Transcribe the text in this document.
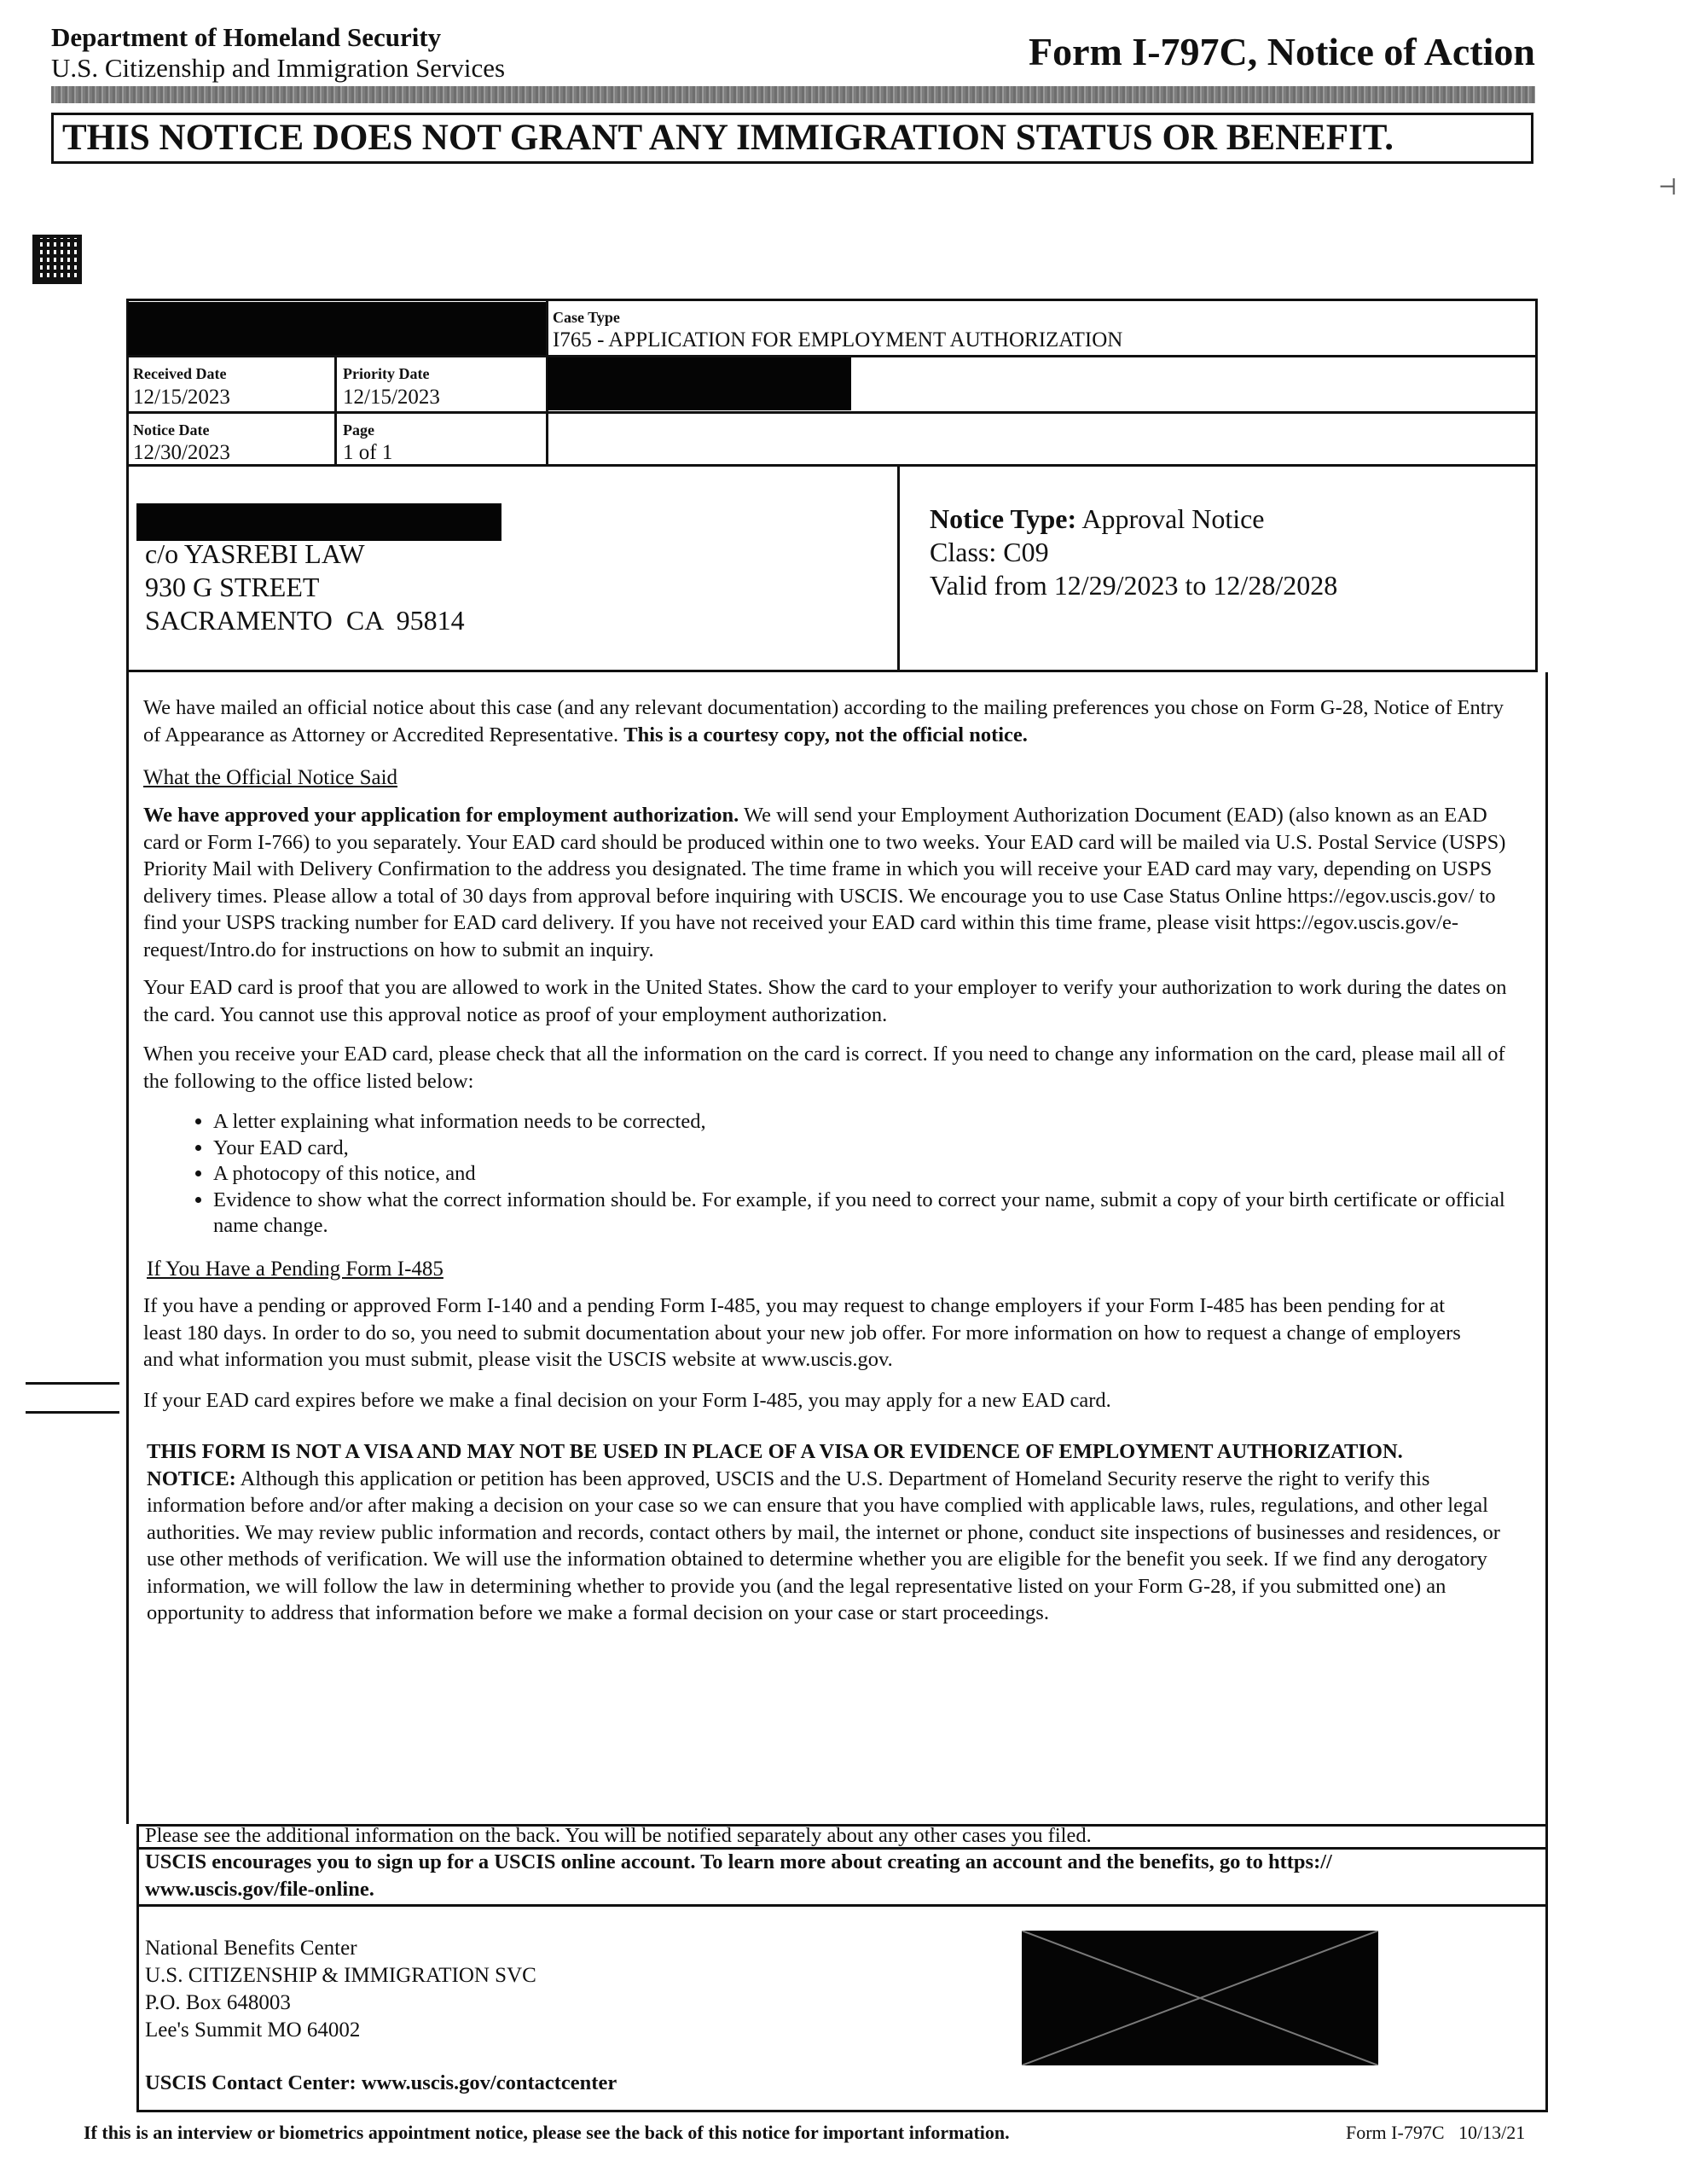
Department of Homeland Security
U.S. Citizenship and Immigration Services	Form I-797C, Notice of Action
THIS NOTICE DOES NOT GRANT ANY IMMIGRATION STATUS OR BENEFIT.
⊣
Case Type
I765 - APPLICATION FOR EMPLOYMENT AUTHORIZATION
Received Date
12/15/2023
Priority Date
12/15/2023
Notice Date
12/30/2023
Page
1 of 1
c/o YASREBI LAW
930 G STREET
SACRAMENTO  CA  95814
Notice Type: Approval Notice
Class: C09
Valid from 12/29/2023 to 12/28/2028
We have mailed an official notice about this case (and any relevant documentation) according to the mailing preferences you chose on Form G-28, Notice of Entry of Appearance as Attorney or Accredited Representative. This is a courtesy copy, not the official notice.
What the Official Notice Said
We have approved your application for employment authorization. We will send your Employment Authorization Document (EAD) (also known as an EAD card or Form I-766) to you separately. Your EAD card should be produced within one to two weeks. Your EAD card will be mailed via U.S. Postal Service (USPS) Priority Mail with Delivery Confirmation to the address you designated. The time frame in which you will receive your EAD card may vary, depending on USPS delivery times. Please allow a total of 30 days from approval before inquiring with USCIS. We encourage you to use Case Status Online https://egov.uscis.gov/ to find your USPS tracking number for EAD card delivery. If you have not received your EAD card within this time frame, please visit https://egov.uscis.gov/e-request/Intro.do for instructions on how to submit an inquiry.
Your EAD card is proof that you are allowed to work in the United States. Show the card to your employer to verify your authorization to work during the dates on the card. You cannot use this approval notice as proof of your employment authorization.
When you receive your EAD card, please check that all the information on the card is correct. If you need to change any information on the card, please mail all of the following to the office listed below:
• A letter explaining what information needs to be corrected,
• Your EAD card,
• A photocopy of this notice, and
• Evidence to show what the correct information should be. For example, if you need to correct your name, submit a copy of your birth certificate or official name change.
If You Have a Pending Form I-485
If you have a pending or approved Form I-140 and a pending Form I-485, you may request to change employers if your Form I-485 has been pending for at least 180 days. In order to do so, you need to submit documentation about your new job offer. For more information on how to request a change of employers and what information you must submit, please visit the USCIS website at www.uscis.gov.
If your EAD card expires before we make a final decision on your Form I-485, you may apply for a new EAD card.
THIS FORM IS NOT A VISA AND MAY NOT BE USED IN PLACE OF A VISA OR EVIDENCE OF EMPLOYMENT AUTHORIZATION.
NOTICE: Although this application or petition has been approved, USCIS and the U.S. Department of Homeland Security reserve the right to verify this information before and/or after making a decision on your case so we can ensure that you have complied with applicable laws, rules, regulations, and other legal authorities. We may review public information and records, contact others by mail, the internet or phone, conduct site inspections of businesses and residences, or use other methods of verification. We will use the information obtained to determine whether you are eligible for the benefit you seek. If we find any derogatory information, we will follow the law in determining whether to provide you (and the legal representative listed on your Form G-28, if you submitted one) an opportunity to address that information before we make a formal decision on your case or start proceedings.
Please see the additional information on the back. You will be notified separately about any other cases you filed.
USCIS encourages you to sign up for a USCIS online account. To learn more about creating an account and the benefits, go to https:// www.uscis.gov/file-online.
National Benefits Center
U.S. CITIZENSHIP & IMMIGRATION SVC
P.O. Box 648003
Lee's Summit MO 64002
USCIS Contact Center: www.uscis.gov/contactcenter
If this is an interview or biometrics appointment notice, please see the back of this notice for important information.	Form I-797C   10/13/21
